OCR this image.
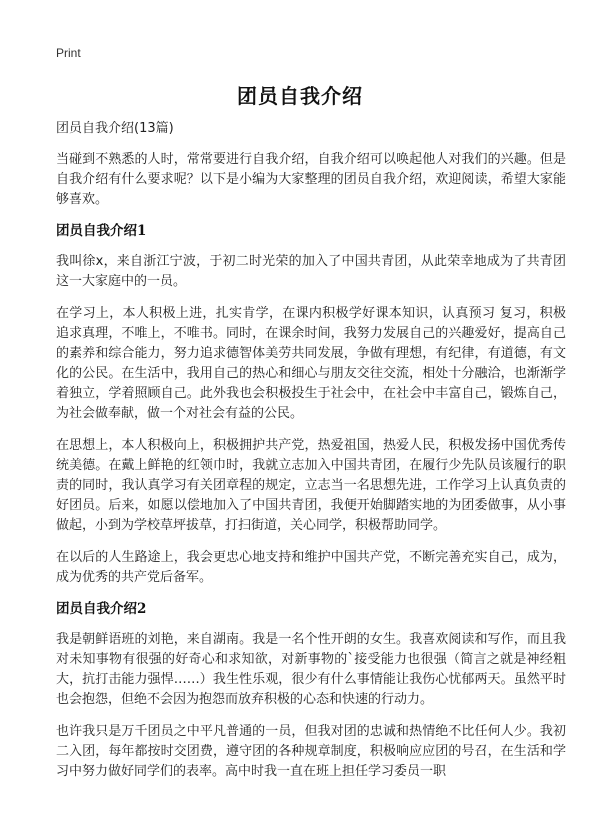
Print
团员自我介绍
团员自我介绍(13篇)

当碰到不熟悉的人时，常常要进行自我介绍，自我介绍可以唤起他人对我们的兴趣。但是自我介绍有什么要求呢？以下是小编为大家整理的团员自我介绍，欢迎阅读，希望大家能够喜欢。

团员自我介绍1

我叫徐x，来自浙江宁波，于初二时光荣的加入了中国共青团，从此荣幸地成为了共青团这一大家庭中的一员。

在学习上，本人积极上进，扎实肯学，在课内积极学好课本知识，认真预习 复习，积极追求真理，不唯上，不唯书。同时，在课余时间，我努力发展自己的兴趣爱好，提高自己的素养和综合能力，努力追求德智体美劳共同发展，争做有理想，有纪律，有道德，有文化的公民。在生活中，我用自己的热心和细心与朋友交往交流，相处十分融洽，也渐渐学着独立，学着照顾自己。此外我也会积极投生于社会中，在社会中丰富自己，锻炼自己，为社会做奉献，做一个对社会有益的公民。

在思想上，本人积极向上，积极拥护共产党，热爱祖国，热爱人民，积极发扬中国优秀传统美德。在戴上鲜艳的红领巾时，我就立志加入中国共青团，在履行少先队员该履行的职责的同时，我认真学习有关团章程的规定，立志当一名思想先进，工作学习上认真负责的好团员。后来，如愿以偿地加入了中国共青团，我便开始脚踏实地的为团委做事，从小事做起，小到为学校草坪拔草，打扫街道，关心同学，积极帮助同学。

在以后的人生路途上，我会更忠心地支持和维护中国共产党，不断完善充实自己，成为，成为优秀的共产党后备军。

团员自我介绍2

我是朝鲜语班的刘艳，来自湖南。我是一名个性开朗的女生。我喜欢阅读和写作，而且我对未知事物有很强的好奇心和求知欲，对新事物的`接受能力也很强（简言之就是神经粗大，抗打击能力强悍……）我生性乐观，很少有什么事情能让我伤心忧郁两天。虽然平时也会抱怨，但绝不会因为抱怨而放弃积极的心态和快速的行动力。

也许我只是万千团员之中平凡普通的一员，但我对团的忠诚和热情绝不比任何人少。我初二入团，每年都按时交团费，遵守团的各种规章制度，积极响应应团的号召，在生活和学习中努力做好同学们的表率。高中时我一直在班上担任学习委员一职
